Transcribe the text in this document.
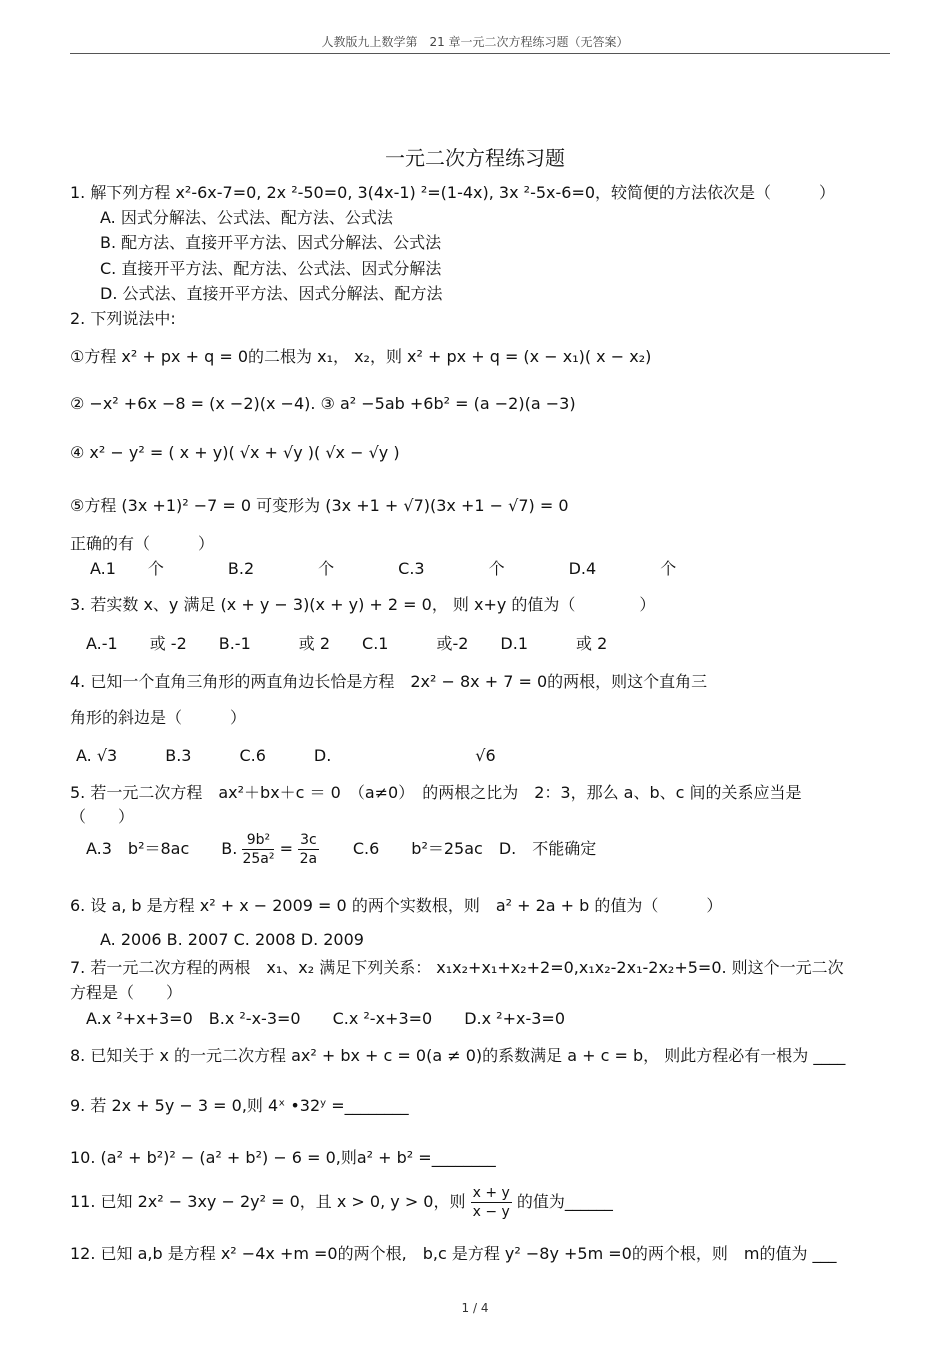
人教版九上数学第　21 章一元二次方程练习题（无答案）
一元二次方程练习题
1. 解下列方程 x²-6x-7=0, 2x ²-50=0, 3(4x-1) ²=(1-4x), 3x ²-5x-6=0，较简便的方法依次是（　　　）
A. 因式分解法、公式法、配方法、公式法
B. 配方法、直接开平方法、因式分解法、公式法
C. 直接开平方法、配方法、公式法、因式分解法
D. 公式法、直接开平方法、因式分解法、配方法
2. 下列说法中:
①方程 x² + px + q = 0的二根为 x₁， x₂，则 x² + px + q = (x − x₁)( x − x₂)
② −x² +6x −8 = (x −2)(x −4). ③ a² −5ab +6b² = (a −2)(a −3)
④ x² − y² = ( x + y)( √x + √y )( √x − √y )
⑤方程 (3x +1)² −7 = 0 可变形为 (3x +1 + √7)(3x +1 − √7) = 0
正确的有（　　　）
A.1　　个　　　　B.2　　　　个　　　　C.3　　　　个　　　　D.4　　　　个
3. 若实数 x、y 满足 (x + y − 3)(x + y) + 2 = 0， 则 x+y 的值为（　　　　）
A.-1　　或 -2　　B.-1　　　或 2　　C.1　　　或-2　　D.1　　　或 2
4. 已知一个直角三角形的两直角边长恰是方程　2x² − 8x + 7 = 0的两根，则这个直角三
角形的斜边是（　　　）
A. √3　　　B.3　　　C.6　　　D.　　　　　　　　　√6
5. 若一元二次方程　ax²＋bx＋c ＝ 0　（a≠0）　的两根之比为　2：3，那么 a、b、c 间的关系应当是
（　　）
A.3　b²＝8ac　　B. $\frac{\text{9b²}}{\text{25a²}} = \frac{3c}{2a} C.6$　　b²＝25ac　D.　不能确定
6. 设 a, b 是方程 x² + x − 2009 = 0 的两个实数根，则　a² + 2a + b 的值为（　　　）
A. 2006 B. 2007 C. 2008 D. 2009
7. 若一元二次方程的两根　x₁、x₂ 满足下列关系： x₁x₂+x₁+x₂+2=0,x₁x₂-2x₁-2x₂+5=0. 则这个一元二次
方程是（　　）
A.x ²+x+3=0　B.x ²-x-3=0　　C.x ²-x+3=0　　D.x ²+x-3=0
8. 已知关于 x 的一元二次方程 ax² + bx + c = 0(a ≠ 0)的系数满足 a + c = b， 则此方程必有一根为 ____
9. 若 2x + 5y − 3 = 0,则 4ˣ •32ʸ =________
10. (a² + b²)² − (a² + b²) − 6 = 0,则a² + b² =________
11. 已知 2x² − 3xy − 2y² = 0，且 x > 0, y > 0，则 $\frac{x + y}{x - y}$ 的值为______
12. 已知 a,b 是方程 x² −4x +m =0的两个根,　b,c 是方程 y² −8y +5m =0的两个根，则　m的值为 ___
1 / 4
